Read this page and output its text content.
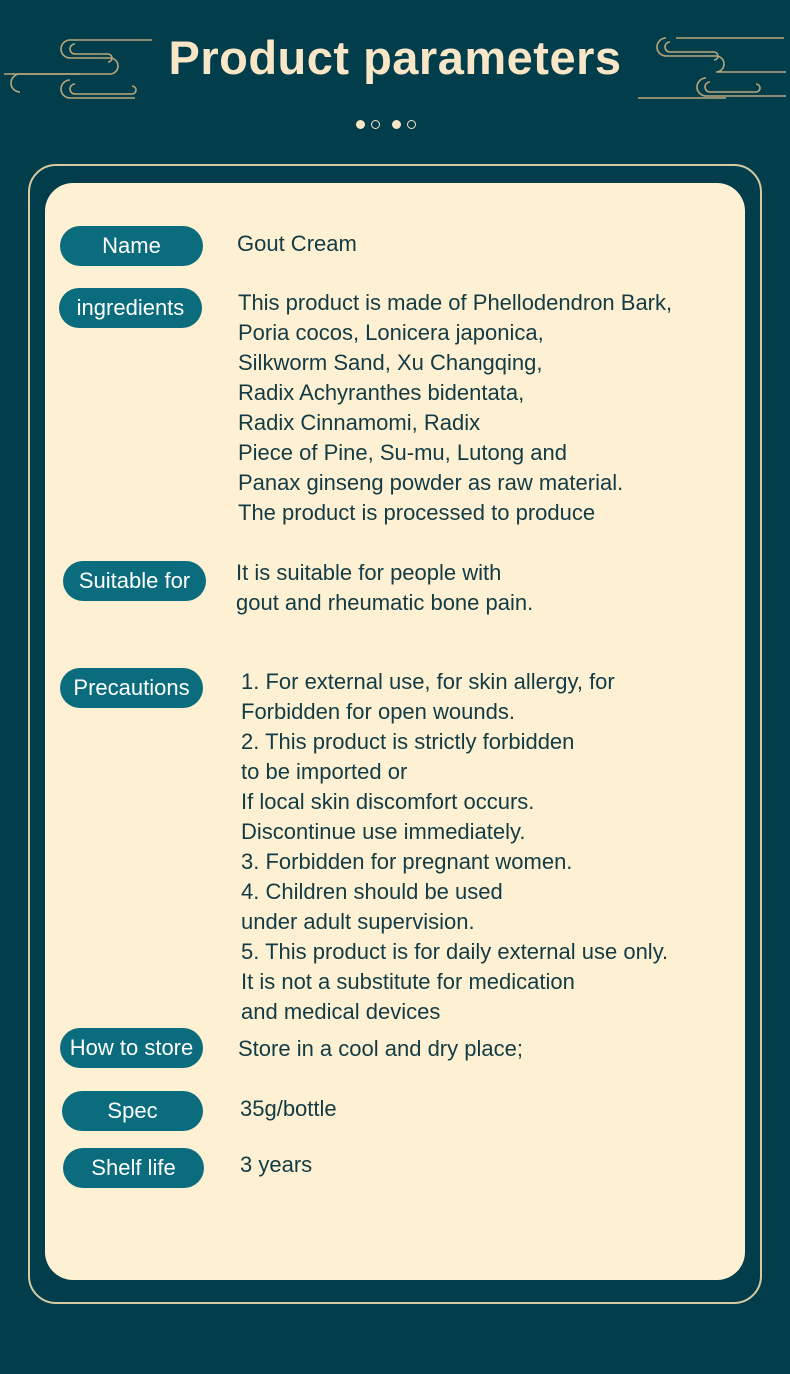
Product parameters
Name	Gout Cream
ingredients	This product is made of Phellodendron Bark,
Poria cocos, Lonicera japonica,
Silkworm Sand, Xu Changqing,
Radix Achyranthes bidentata,
Radix Cinnamomi, Radix
Piece of Pine, Su-mu, Lutong and
Panax ginseng powder as raw material.
The product is processed to produce
Suitable for	It is suitable for people with
gout and rheumatic bone pain.
Precautions	1. For external use, for skin allergy, for
Forbidden for open wounds.
2. This product is strictly forbidden
to be imported or
If local skin discomfort occurs.
Discontinue use immediately.
3. Forbidden for pregnant women.
4. Children should be used
under adult supervision.
5. This product is for daily external use only.
It is not a substitute for medication
and medical devices
How to store	Store in a cool and dry place;
Spec	35g/bottle
Shelf life	3 years
